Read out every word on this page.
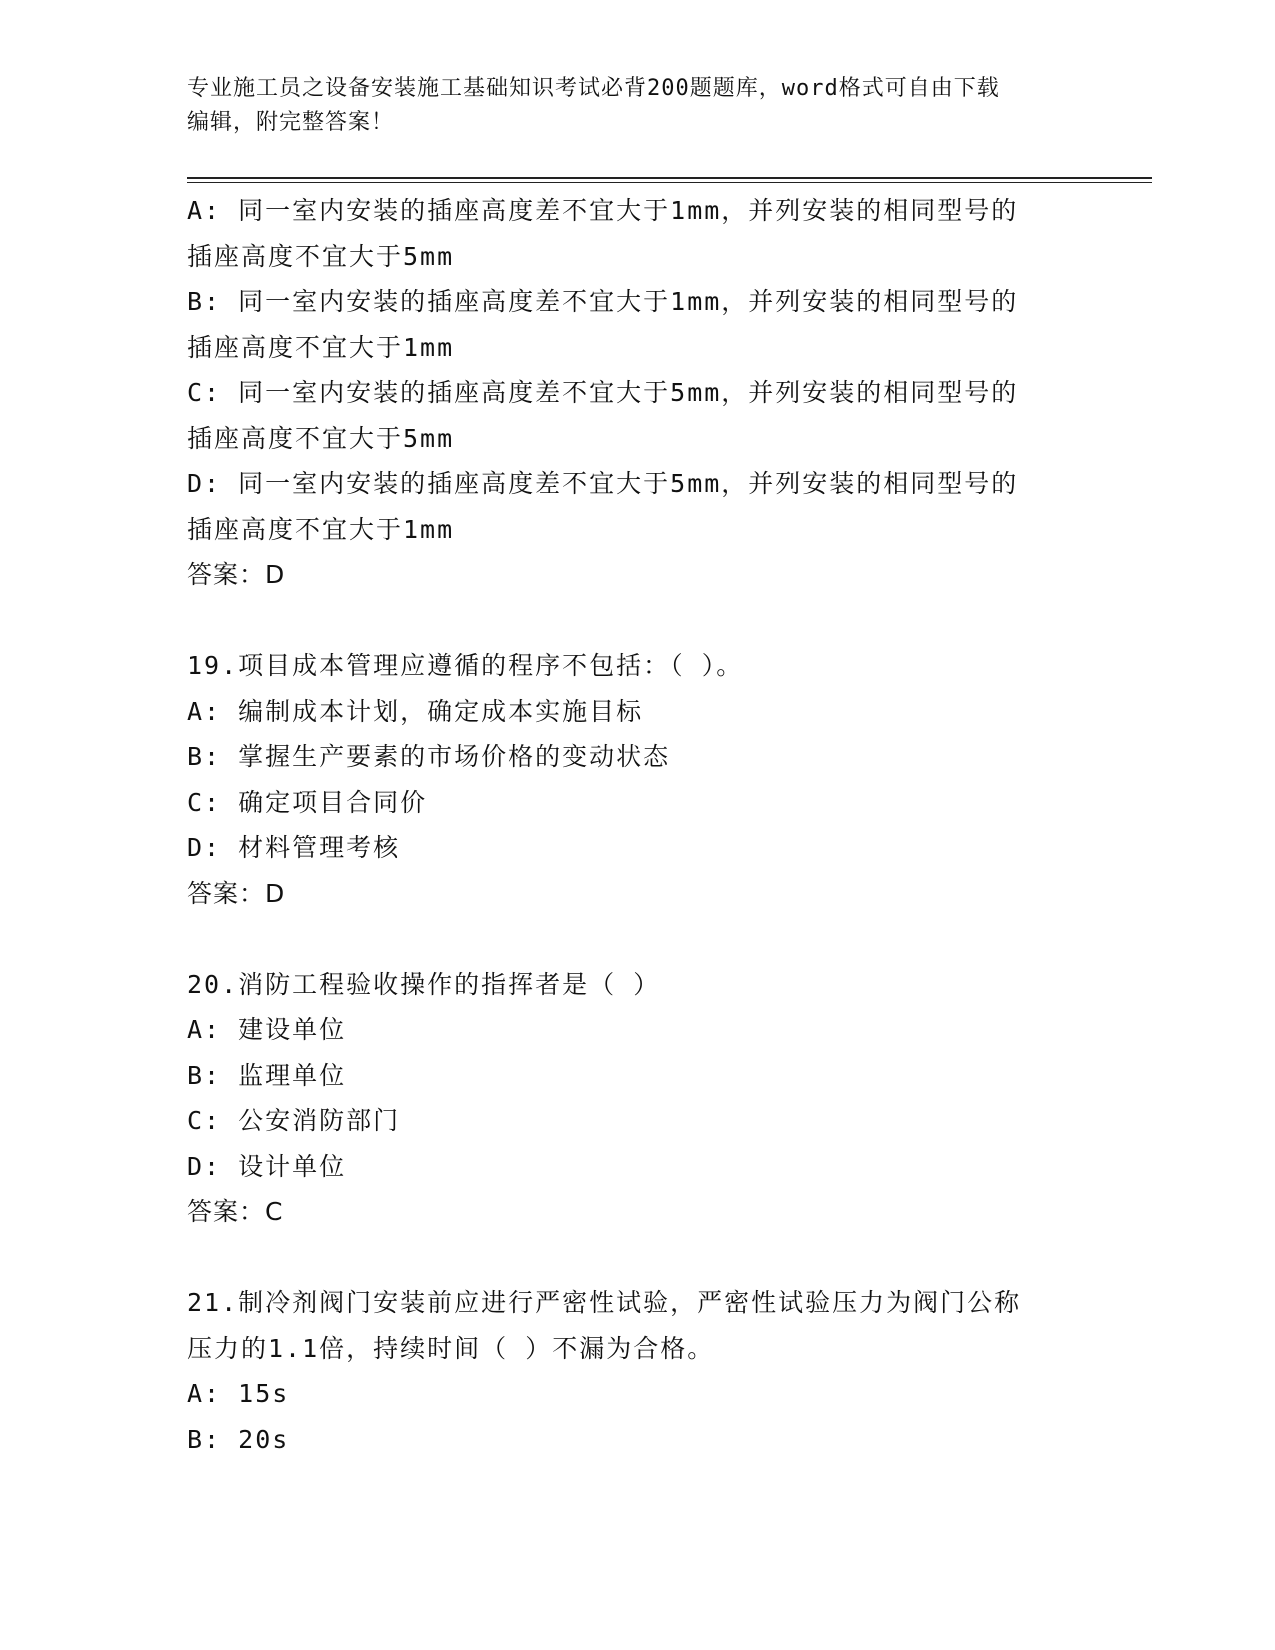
专业施工员之设备安装施工基础知识考试必背200题题库，word格式可自由下载
编辑，附完整答案！
A: 同一室内安装的插座高度差不宜大于1mm，并列安装的相同型号的
插座高度不宜大于5mm
B: 同一室内安装的插座高度差不宜大于1mm，并列安装的相同型号的
插座高度不宜大于1mm
C: 同一室内安装的插座高度差不宜大于5mm，并列安装的相同型号的
插座高度不宜大于5mm
D: 同一室内安装的插座高度差不宜大于5mm，并列安装的相同型号的
插座高度不宜大于1mm
答案：D
19.项目成本管理应遵循的程序不包括：（ ）。
A: 编制成本计划，确定成本实施目标
B: 掌握生产要素的市场价格的变动状态
C: 确定项目合同价
D: 材料管理考核
答案：D
20.消防工程验收操作的指挥者是（ ）
A: 建设单位
B: 监理单位
C: 公安消防部门
D: 设计单位
答案：C
21.制冷剂阀门安装前应进行严密性试验，严密性试验压力为阀门公称
压力的1.1倍，持续时间（ ）不漏为合格。
A: 15s
B: 20s
